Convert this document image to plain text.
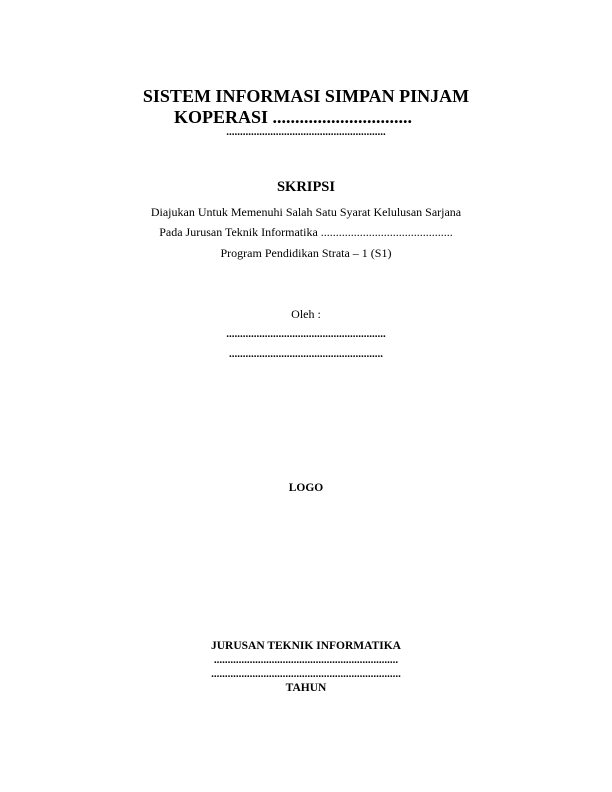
SISTEM INFORMASI SIMPAN PINJAM
KOPERASI ...............................
..........................................................
SKRIPSI
Diajukan Untuk Memenuhi Salah Satu Syarat Kelulusan Sarjana
Pada Jurusan Teknik Informatika ............................................
Program Pendidikan Strata – 1 (S1)
Oleh :
..........................................................
........................................................
LOGO
JURUSAN TEKNIK INFORMATIKA
...................................................................
.....................................................................
TAHUN
